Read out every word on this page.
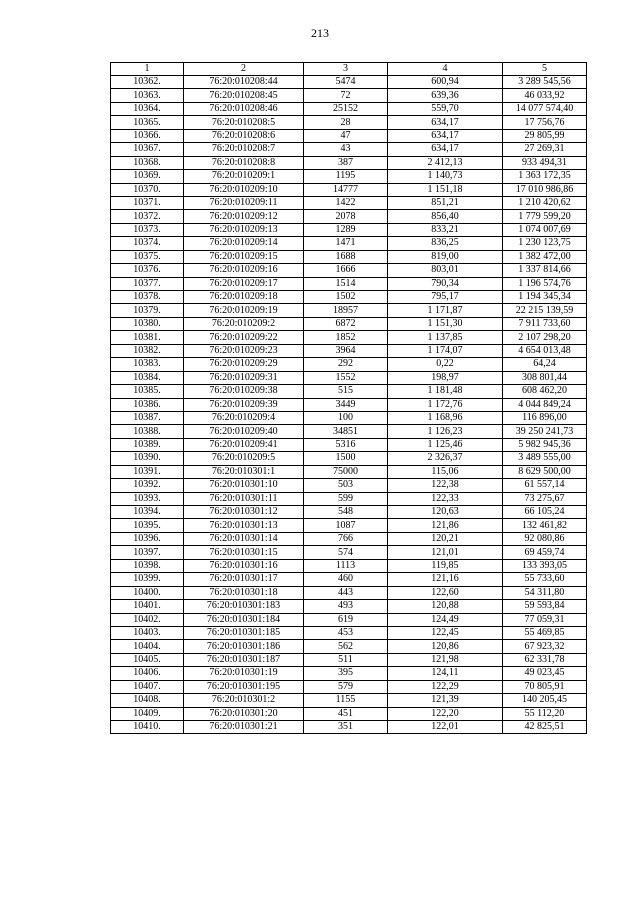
213
1	2	3	4	5
10362.	76:20:010208:44	5474	600,94	3 289 545,56
10363.	76:20:010208:45	72	639,36	46 033,92
10364.	76:20:010208:46	25152	559,70	14 077 574,40
10365.	76:20:010208:5	28	634,17	17 756,76
10366.	76:20:010208:6	47	634,17	29 805,99
10367.	76:20:010208:7	43	634,17	27 269,31
10368.	76:20:010208:8	387	2 412,13	933 494,31
10369.	76:20:010209:1	1195	1 140,73	1 363 172,35
10370.	76:20:010209:10	14777	1 151,18	17 010 986,86
10371.	76:20:010209:11	1422	851,21	1 210 420,62
10372.	76:20:010209:12	2078	856,40	1 779 599,20
10373.	76:20:010209:13	1289	833,21	1 074 007,69
10374.	76:20:010209:14	1471	836,25	1 230 123,75
10375.	76:20:010209:15	1688	819,00	1 382 472,00
10376.	76:20:010209:16	1666	803,01	1 337 814,66
10377.	76:20:010209:17	1514	790,34	1 196 574,76
10378.	76:20:010209:18	1502	795,17	1 194 345,34
10379.	76:20:010209:19	18957	1 171,87	22 215 139,59
10380.	76:20:010209:2	6872	1 151,30	7 911 733,60
10381.	76:20:010209:22	1852	1 137,85	2 107 298,20
10382.	76:20:010209:23	3964	1 174,07	4 654 013,48
10383.	76:20:010209:29	292	0,22	64,24
10384.	76:20:010209:31	1552	198,97	308 801,44
10385.	76:20:010209:38	515	1 181,48	608 462,20
10386.	76:20:010209:39	3449	1 172,76	4 044 849,24
10387.	76:20:010209:4	100	1 168,96	116 896,00
10388.	76:20:010209:40	34851	1 126,23	39 250 241,73
10389.	76:20:010209:41	5316	1 125,46	5 982 945,36
10390.	76:20:010209:5	1500	2 326,37	3 489 555,00
10391.	76:20:010301:1	75000	115,06	8 629 500,00
10392.	76:20:010301:10	503	122,38	61 557,14
10393.	76:20:010301:11	599	122,33	73 275,67
10394.	76:20:010301:12	548	120,63	66 105,24
10395.	76:20:010301:13	1087	121,86	132 461,82
10396.	76:20:010301:14	766	120,21	92 080,86
10397.	76:20:010301:15	574	121,01	69 459,74
10398.	76:20:010301:16	1113	119,85	133 393,05
10399.	76:20:010301:17	460	121,16	55 733,60
10400.	76:20:010301:18	443	122,60	54 311,80
10401.	76:20:010301:183	493	120,88	59 593,84
10402.	76:20:010301:184	619	124,49	77 059,31
10403.	76:20:010301:185	453	122,45	55 469,85
10404.	76:20:010301:186	562	120,86	67 923,32
10405.	76:20:010301:187	511	121,98	62 331,78
10406.	76:20:010301:19	395	124,11	49 023,45
10407.	76:20:010301:195	579	122,29	70 805,91
10408.	76:20:010301:2	1155	121,39	140 205,45
10409.	76:20:010301:20	451	122,20	55 112,20
10410.	76:20:010301:21	351	122,01	42 825,51
